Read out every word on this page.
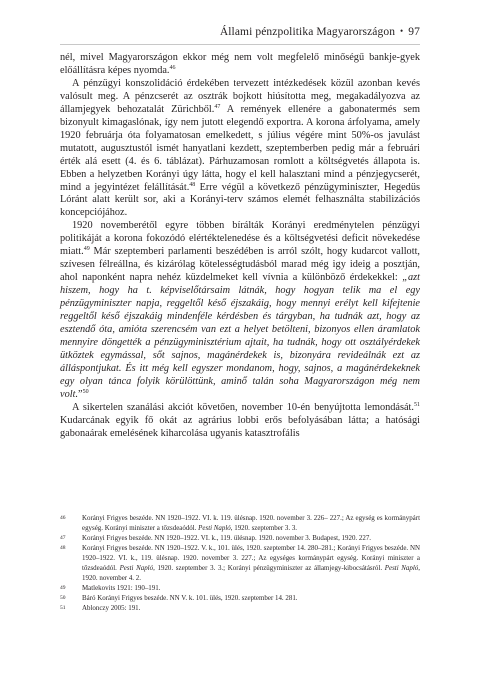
Állami pénzpolitika Magyarországon • 97

nél, mivel Magyarországon ekkor még nem volt megfelelő minőségű bankje-gyek előállításra képes nyomda.$^{46}$

A pénzügyi konszolidáció érdekében tervezett intézkedések közül azonban kevés valósult meg. A pénzcserét az osztrák bojkott hiúsította meg, megakadályozva az államjegyek behozatalát Zürichből.$^{47}$ A remények ellenére a gabonatermés sem bizonyult kimagaslónak, így nem jutott elegendő exportra. A korona árfolyama, amely 1920 februárja óta folyamatosan emelkedett, s július végére mint 50%-os javulást mutatott, augusztustól ismét hanyatlani kezdett, szeptemberben pedig már a februári érték alá esett (4. és 6. táblázat). Párhuzamosan romlott a költségvetés állapota is. Ebben a helyzetben Korányi úgy látta, hogy el kell halasztani mind a pénzjegycserét, mind a jegyintézet felállítását.$^{48}$ Erre végül a következő pénzügyminiszter, Hegedüs Lóránt alatt került sor, aki a Korányi-terv számos elemét felhasználta stabilizációs koncepciójához.

1920 novemberétől egyre többen bírálták Korányi eredménytelen pénzügyi politikáját a korona fokozódó elértéktelenedése és a költségvetési deficit növekedése miatt.$^{49}$ Már szeptemberi parlamenti beszédében is arról szólt, hogy kudarcot vallott, szívesen félreállna, és kizárólag kötelességtudásból marad még igy ideig a posztján, ahol naponként napra nehéz küzdelmeket kell vívnia a különböző érdekekkel: „azt hiszem, hogy ha t. képviselőtársaim látnák, hogy hogyan telik ma el egy pénzügyminiszter napja, reggeltől késő éjszakáig, hogy mennyi erélyt kell kifejtenie reggeltől késő éjszakáig mindenféle kérdésben és tárgyban, ha tudnák azt, hogy az esztendő óta, amióta szerencsém van ezt a helyet betölteni, bizonyos ellen áramlatok mennyire döngették a pénzügyminisztérium ajtait, ha tudnák, hogy ott osztályérdekek ütköztek egymással, sőt sajnos, magánérdekek is, bizonyára revideálnák ezt az álláspontjukat. És itt még kell egyszer mondanom, hogy, sajnos, a magánérdekeknek egy olyan tánca folyik körülöttünk, aminő talán soha Magyarországon még nem volt.”$^{50}$

A sikertelen szanálási akciót követően, november 10-én benyújtotta lemondását.$^{51}$ Kudarcának egyik fő okát az agrárius lobbi erős befolyásában látta; a hatósági gabonaárak emelésének kiharcolása ugyanis katasztrofális

46 Korányi Frigyes beszéde. NN 1920–1922. VI. k. 119. ülésnap. 1920. november 3. 226– 227.; Az egység es kormánypárt egység. Korányi miniszter a tőzsdeaódól. Pesti Napló, 1920. szeptember 3. 3.
47 Korányi Frigyes beszéde. NN 1920–1922. VI. k., 119. ülésnap. 1920. november 3. Budapest, 1920. 227.
48 Korányi Frigyes beszéde. NN 1920–1922. V. k., 101. ülés, 1920. szeptember 14. 280–281.; Korányi Frigyes beszéde. NN 1920–1922. VI. k., 119. ülésnap. 1920. november 3. 227.; Az egységes kormánypárt egység. Korányi miniszter a tőzsdeaódól. Pesti Napló, 1920. szeptember 3. 3.; Korányi pénzügyminiszter az államjegy-kibocsátásról. Pesti Napló, 1920. november 4. 2.
49 Matlekovits 1921: 190–191.
50 Báró Korányi Frigyes beszéde. NN V. k. 101. ülés, 1920. szeptember 14. 281.
51 Ablonczy 2005: 191.
